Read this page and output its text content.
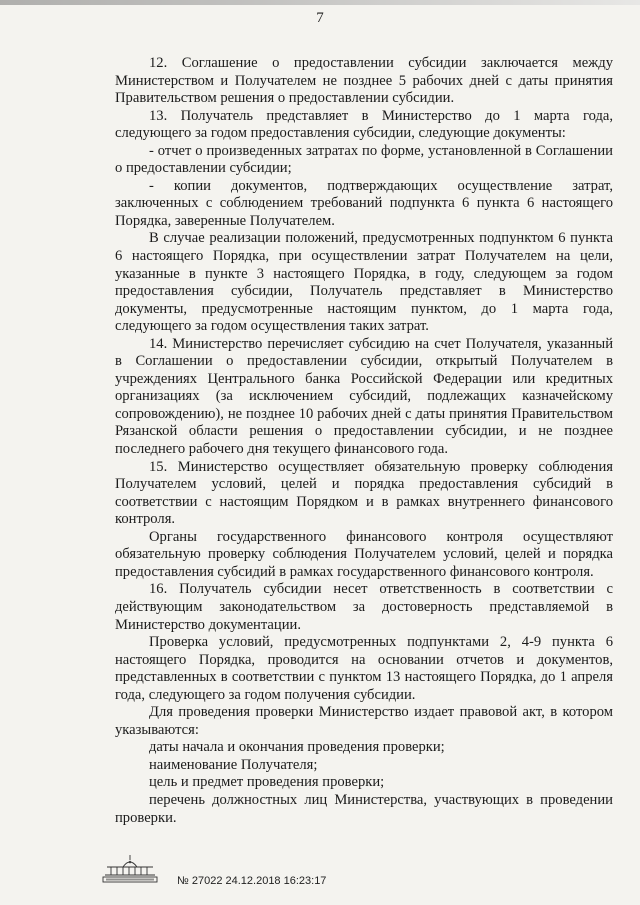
7

12. Соглашение о предоставлении субсидии заключается между Министерством и Получателем не позднее 5 рабочих дней с даты принятия Правительством решения о предоставлении субсидии.

13. Получатель представляет в Министерство до 1 марта года, следующего за годом предоставления субсидии, следующие документы:

- отчет о произведенных затратах по форме, установленной в Соглашении о предоставлении субсидии;

- копии документов, подтверждающих осуществление затрат, заключенных с соблюдением требований подпункта 6 пункта 6 настоящего Порядка, заверенные Получателем.

В случае реализации положений, предусмотренных подпунктом 6 пункта 6 настоящего Порядка, при осуществлении затрат Получателем на цели, указанные в пункте 3 настоящего Порядка, в году, следующем за годом предоставления субсидии, Получатель представляет в Министерство документы, предусмотренные настоящим пунктом, до 1 марта года, следующего за годом осуществления таких затрат.

14. Министерство перечисляет субсидию на счет Получателя, указанный в Соглашении о предоставлении субсидии, открытый Получателем в учреждениях Центрального банка Российской Федерации или кредитных организациях (за исключением субсидий, подлежащих казначейскому сопровождению), не позднее 10 рабочих дней с даты принятия Правительством Рязанской области решения о предоставлении субсидии, и не позднее последнего рабочего дня текущего финансового года.

15. Министерство осуществляет обязательную проверку соблюдения Получателем условий, целей и порядка предоставления субсидий в соответствии с настоящим Порядком и в рамках внутреннего финансового контроля.

Органы государственного финансового контроля осуществляют обязательную проверку соблюдения Получателем условий, целей и порядка предоставления субсидий в рамках государственного финансового контроля.

16. Получатель субсидии несет ответственность в соответствии с действующим законодательством за достоверность представляемой в Министерство документации.

Проверка условий, предусмотренных подпунктами 2, 4-9 пункта 6 настоящего Порядка, проводится на основании отчетов и документов, представленных в соответствии с пунктом 13 настоящего Порядка, до 1 апреля года, следующего за годом получения субсидии.

Для проведения проверки Министерство издает правовой акт, в котором указываются:

даты начала и окончания проведения проверки;

наименование Получателя;

цель и предмет проведения проверки;

перечень должностных лиц Министерства, участвующих в проведении проверки.

№ 27022 24.12.2018 16:23:17
